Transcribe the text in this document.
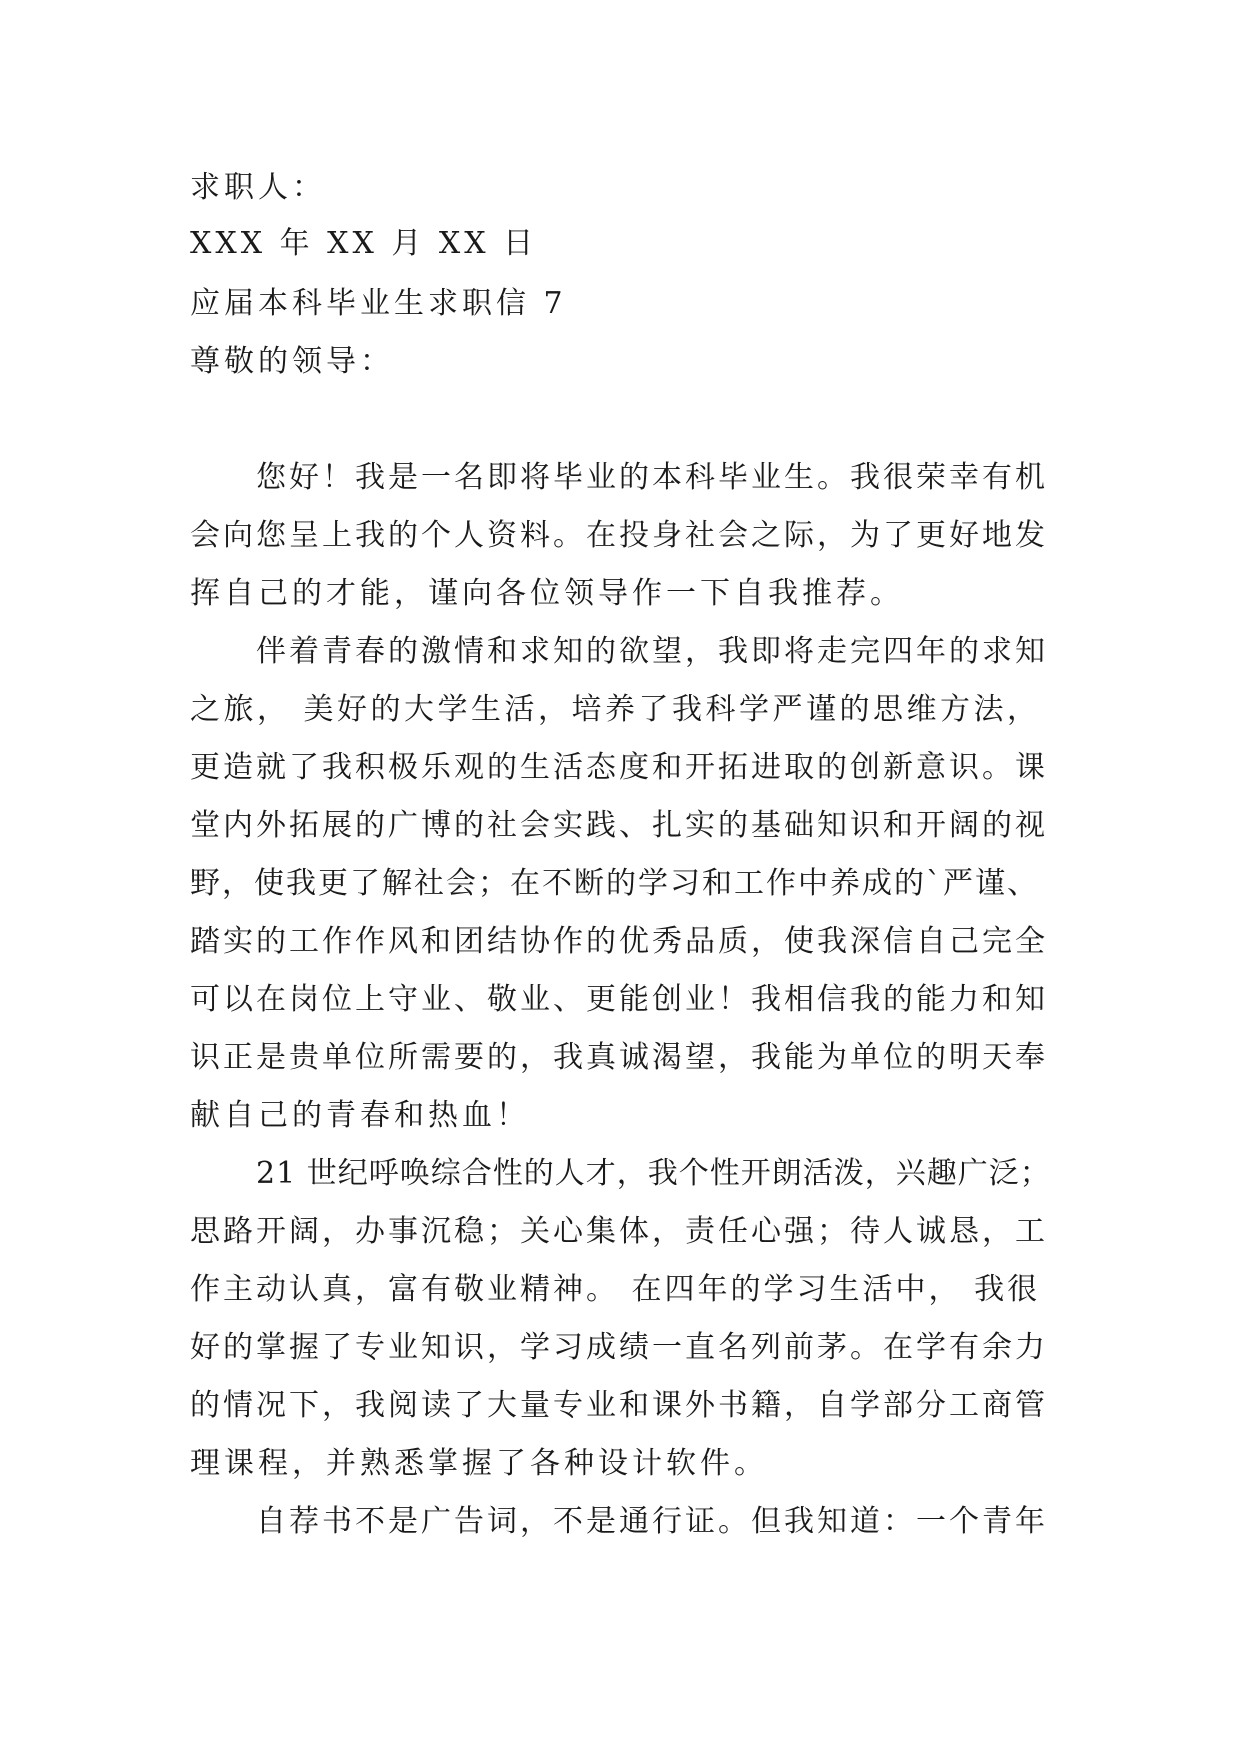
求职人：
XXX 年 XX 月 XX 日
应届本科毕业生求职信 7
尊敬的领导：
您好！我是一名即将毕业的本科毕业生。我很荣幸有机
会向您呈上我的个人资料。在投身社会之际，为了更好地发
挥自己的才能，谨向各位领导作一下自我推荐。
伴着青春的激情和求知的欲望，我即将走完四年的求知
之旅， 美好的大学生活，培养了我科学严谨的思维方法，
更造就了我积极乐观的生活态度和开拓进取的创新意识。课
堂内外拓展的广博的社会实践、扎实的基础知识和开阔的视
野，使我更了解社会；在不断的学习和工作中养成的`严谨、
踏实的工作作风和团结协作的优秀品质，使我深信自己完全
可以在岗位上守业、敬业、更能创业！我相信我的能力和知
识正是贵单位所需要的，我真诚渴望，我能为单位的明天奉
献自己的青春和热血！
21 世纪呼唤综合性的人才，我个性开朗活泼，兴趣广泛；
思路开阔，办事沉稳；关心集体，责任心强；待人诚恳，工
作主动认真，富有敬业精神。 在四年的学习生活中， 我很
好的掌握了专业知识，学习成绩一直名列前茅。在学有余力
的情况下，我阅读了大量专业和课外书籍，自学部分工商管
理课程，并熟悉掌握了各种设计软件。
自荐书不是广告词，不是通行证。但我知道：一个青年
